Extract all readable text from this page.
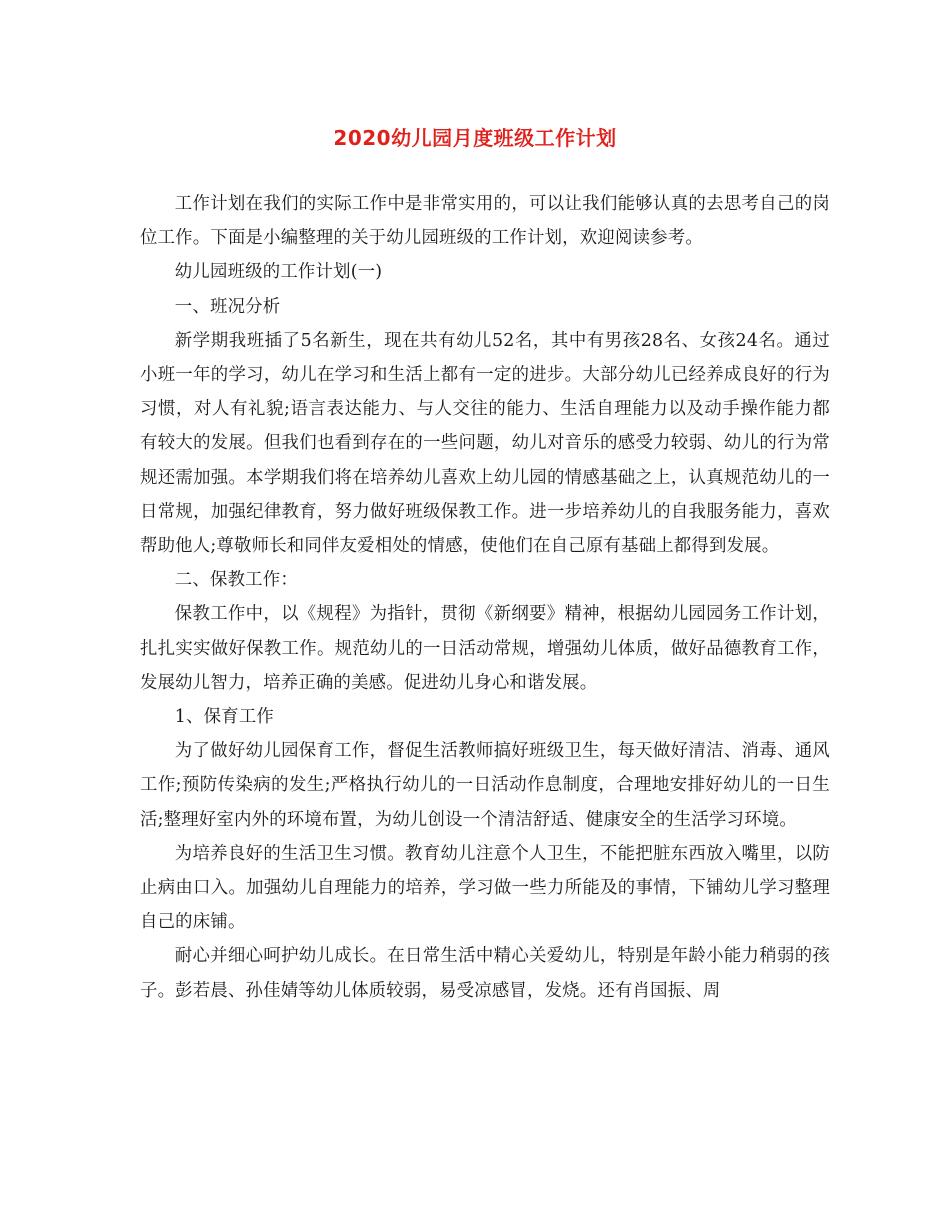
2020幼儿园月度班级工作计划

工作计划在我们的实际工作中是非常实用的，可以让我们能够认真的去思考自己的岗位工作。下面是小编整理的关于幼儿园班级的工作计划，欢迎阅读参考。

幼儿园班级的工作计划(一)

一、班况分析

新学期我班插了5名新生，现在共有幼儿52名，其中有男孩28名、女孩24名。通过小班一年的学习，幼儿在学习和生活上都有一定的进步。大部分幼儿已经养成良好的行为习惯，对人有礼貌;语言表达能力、与人交往的能力、生活自理能力以及动手操作能力都有较大的发展。但我们也看到存在的一些问题，幼儿对音乐的感受力较弱、幼儿的行为常规还需加强。本学期我们将在培养幼儿喜欢上幼儿园的情感基础之上，认真规范幼儿的一日常规，加强纪律教育，努力做好班级保教工作。进一步培养幼儿的自我服务能力，喜欢帮助他人;尊敬师长和同伴友爱相处的情感，使他们在自己原有基础上都得到发展。

二、保教工作：

保教工作中，以《规程》为指针，贯彻《新纲要》精神，根据幼儿园园务工作计划，扎扎实实做好保教工作。规范幼儿的一日活动常规，增强幼儿体质，做好品德教育工作，发展幼儿智力，培养正确的美感。促进幼儿身心和谐发展。

1、保育工作

为了做好幼儿园保育工作，督促生活教师搞好班级卫生，每天做好清洁、消毒、通风工作;预防传染病的发生;严格执行幼儿的一日活动作息制度，合理地安排好幼儿的一日生活;整理好室内外的环境布置，为幼儿创设一个清洁舒适、健康安全的生活学习环境。

为培养良好的生活卫生习惯。教育幼儿注意个人卫生，不能把脏东西放入嘴里，以防止病由口入。加强幼儿自理能力的培养，学习做一些力所能及的事情，下铺幼儿学习整理自己的床铺。

耐心并细心呵护幼儿成长。在日常生活中精心关爱幼儿，特别是年龄小能力稍弱的孩子。彭若晨、孙佳婧等幼儿体质较弱，易受凉感冒，发烧。还有肖国振、周
